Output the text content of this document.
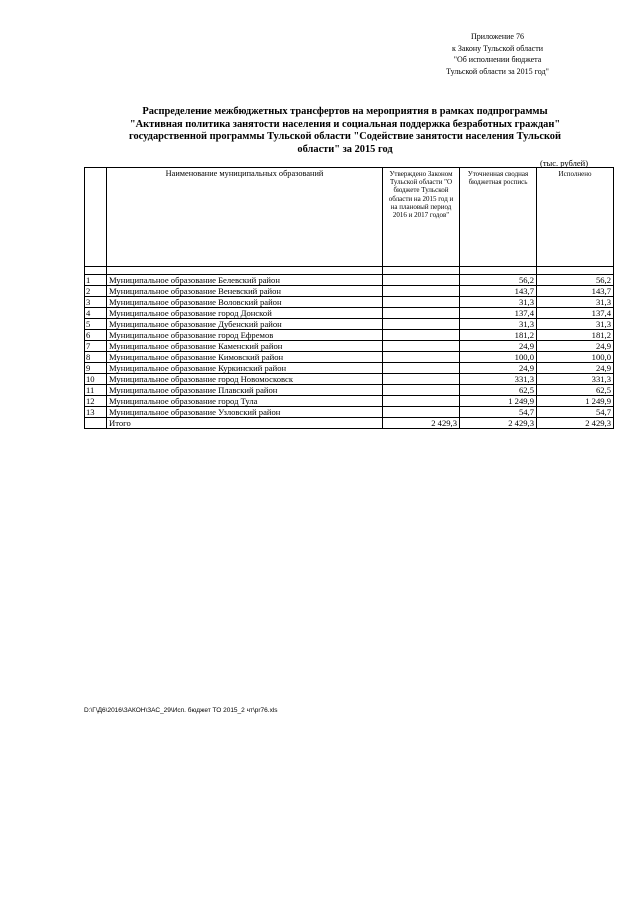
Приложение 76
к Закону Тульской области
"Об исполнении бюджета
Тульской области за 2015 год"
Распределение межбюджетных трансфертов на мероприятия в рамках подпрограммы
"Активная политика занятости населения и социальная поддержка безработных граждан"
государственной программы Тульской области "Содействие занятости населения Тульской
области" за 2015 год
(тыс. рублей)
	Наименование муниципальных образований	Утверждено Законом Тульской области "О бюджете Тульской области на 2015 год и на плановый период 2016 и 2017 годов"	Уточненная сводная бюджетная роспись	Исполнено

1	Муниципальное образование Белевский район		56,2	56,2
2	Муниципальное образование Веневский район		143,7	143,7
3	Муниципальное образование Воловский район		31,3	31,3
4	Муниципальное образование город Донской		137,4	137,4
5	Муниципальное образование Дубенский район		31,3	31,3
6	Муниципальное образование город Ефремов		181,2	181,2
7	Муниципальное образование Каменский район		24,9	24,9
8	Муниципальное образование Кимовский район		100,0	100,0
9	Муниципальное образование Куркинский район		24,9	24,9
10	Муниципальное образование город Новомосковск		331,3	331,3
11	Муниципальное образование Плавский район		62,5	62,5
12	Муниципальное образование город Тула		1 249,9	1 249,9
13	Муниципальное образование Узловский район		54,7	54,7
	Итого	2 429,3	2 429,3	2 429,3
D:\Г\Д6\2016\ЗАКОН\ЗАС_29\Исп. бюджет ТО 2015_2 чт\pr76.xls
